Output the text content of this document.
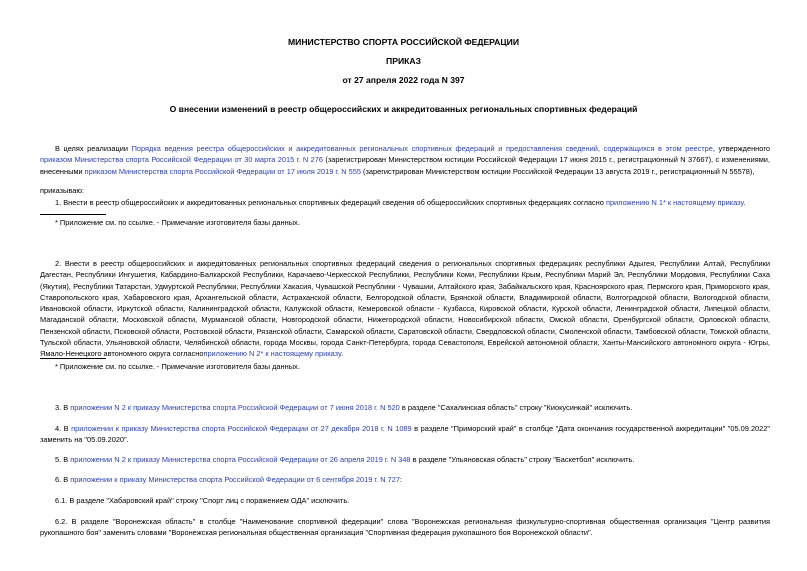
МИНИСТЕРСТВО СПОРТА РОССИЙСКОЙ ФЕДЕРАЦИИ
ПРИКАЗ
от 27 апреля 2022 года N 397
О внесении изменений в реестр общероссийских и аккредитованных региональных спортивных федераций
В целях реализации Порядка ведения реестра общероссийских и аккредитованных региональных спортивных федераций и предоставления сведений, содержащихся в этом реестре, утвержденного приказом Министерства спорта Российской Федерации от 30 марта 2015 г. N 276 (зарегистрирован Министерством юстиции Российской Федерации 17 июня 2015 г., регистрационный N 37667), с изменениями, внесенными приказом Министерства спорта Российской Федерации от 17 июля 2019 г. N 555 (зарегистрирован Министерством юстиции Российской Федерации 13 августа 2019 г., регистрационный N 55578),
приказываю:
1. Внести в реестр общероссийских и аккредитованных региональных спортивных федераций сведения об общероссийских спортивных федерациях согласно приложению N 1* к настоящему приказу.
* Приложение см. по ссылке. - Примечание изготовителя базы данных.
2. Внести в реестр общероссийских и аккредитованных региональных спортивных федераций сведения о региональных спортивных федерациях республики Адыгея, Республики Алтай, Республики Дагестан, Республики Ингушетия, Кабардино-Балкарской Республики, Карачаево-Черкесской Республики, Республики Коми, Республики Крым, Республики Марий Эл, Республики Мордовия, Республики Саха (Якутия), Республики Татарстан, Удмуртской Республики, Республики Хакасия, Чувашской Республики - Чувашии, Алтайского края, Забайкальского края, Красноярского края, Пермского края, Приморского края, Ставропольского края, Хабаровского края, Архангельской области, Астраханской области, Белгородской области, Брянской области, Владимирской области, Волгоградской области, Вологодской области, Ивановской области, Иркутской области, Калининградской области, Калужской области, Кемеровской области - Кузбасса, Кировской области, Курской области, Ленинградской области, Липецкой области, Магаданской области, Московской области, Мурманской области, Новгородской области, Нижегородской области, Новосибирской области, Омской области, Оренбургской области, Орловской области, Пензенской области, Псковской области, Ростовской области, Рязанской области, Самарской области, Саратовской области, Свердловской области, Смоленской области, Тамбовской области, Томской области, Тульской области, Ульяновской области, Челябинской области, города Москвы, города Санкт-Петербурга, города Севастополя, Еврейской автономной области, Ханты-Мансийского автономного округа - Югры, Ямало-Ненецкого автономного округа согласноприложению N 2* к настоящему приказу.
* Приложение см. по ссылке. - Примечание изготовителя базы данных.
3. В приложении N 2 к приказу Министерства спорта Российской Федерации от 7 июня 2018 г. N 520 в разделе "Сахалинская область" строку "Киокусинкай" исключить.
4. В приложении к приказу Министерства спорта Российской Федерации от 27 декабря 2018 г. N 1089 в разделе "Приморский край" в столбце "Дата окончания государственной аккредитации" "05.09.2022" заменить на "05.09.2020".
5. В приложении N 2 к приказу Министерства спорта Российской Федерации от 26 апреля 2019 г. N 348 в разделе "Ульяновская область" строку "Баскетбол" исключить.
6. В приложении к приказу Министерства спорта Российской Федерации от 6 сентября 2019 г. N 727:
6.1. В разделе "Хабаровский край" строку "Спорт лиц с поражением ОДА" исключить.
6.2. В разделе "Воронежская область" в столбце "Наименование спортивной федерации" слова "Воронежская региональная физкультурно-спортивная общественная организация "Центр развития рукопашного боя" заменить словами "Воронежская региональная общественная организация "Спортивная федерация рукопашного боя Воронежской области".
